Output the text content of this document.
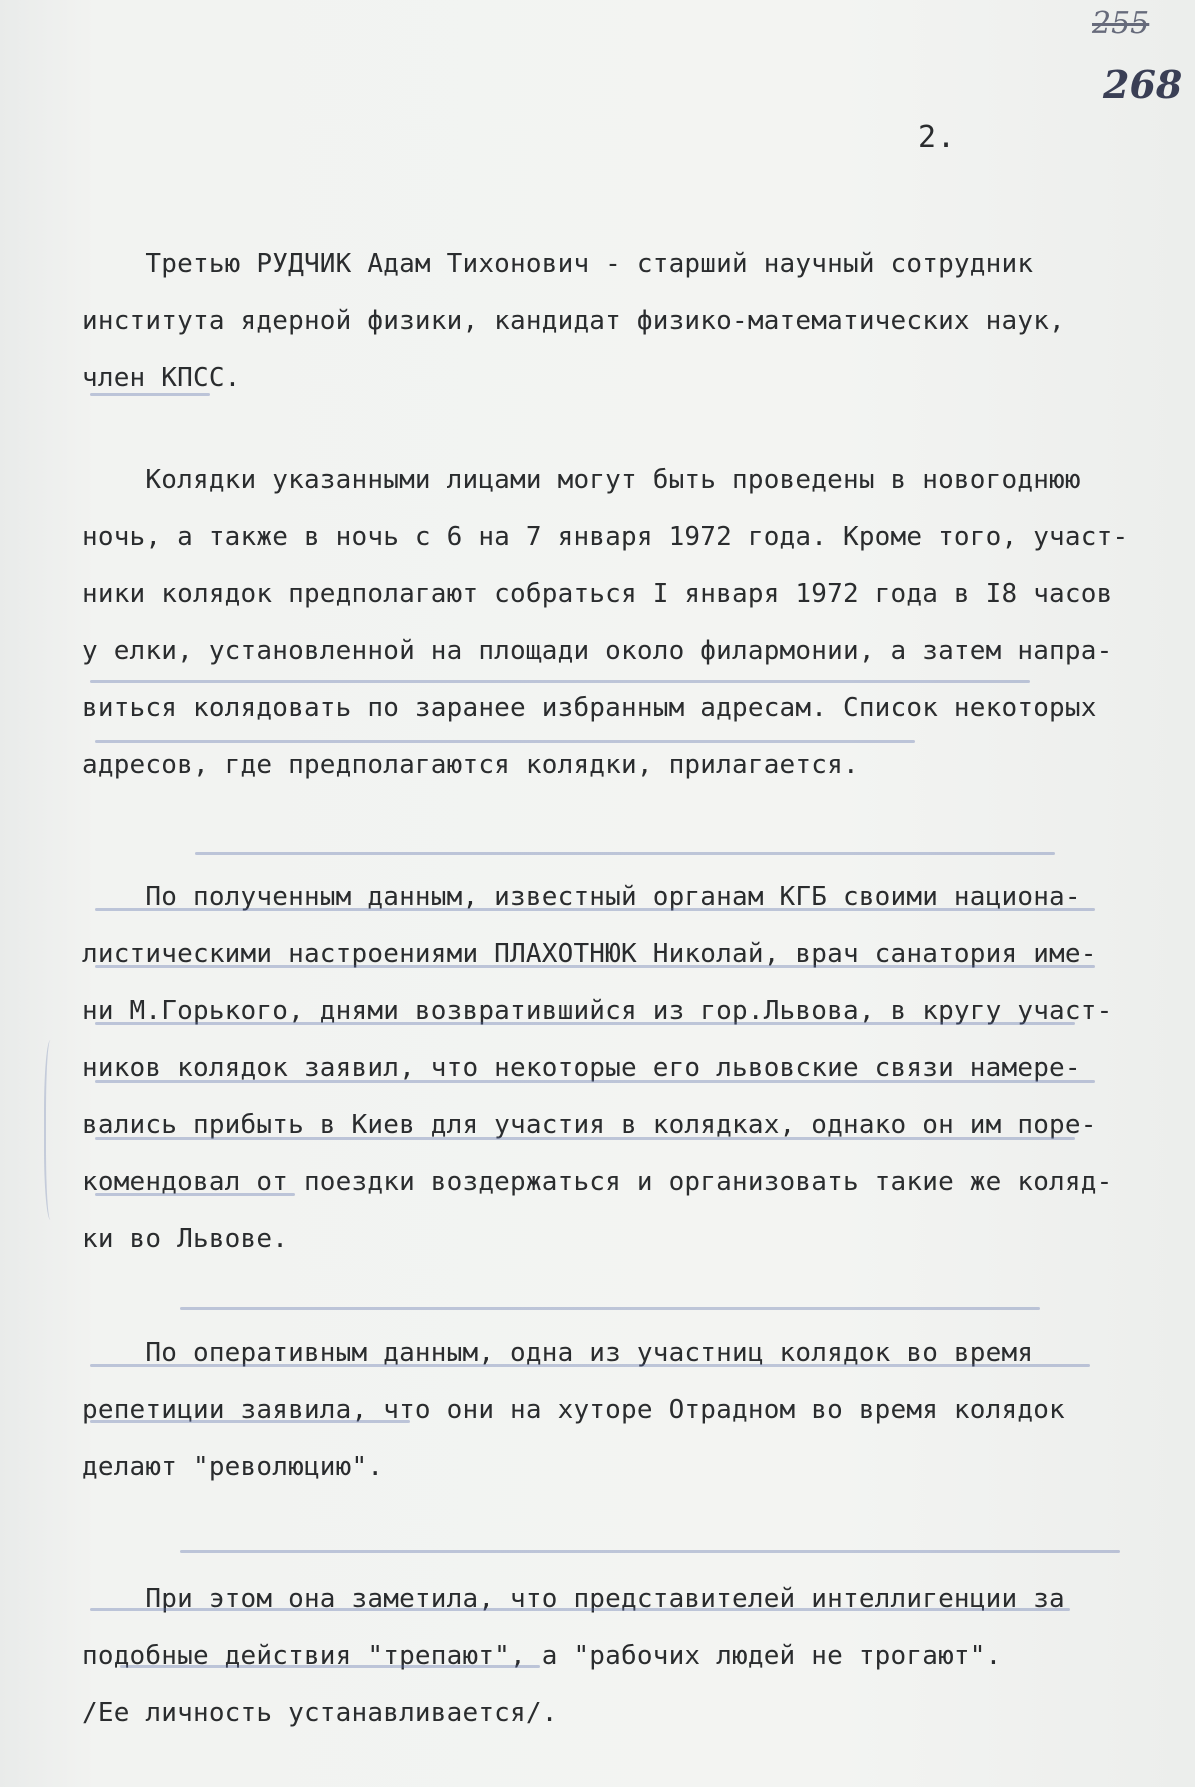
255
268
2.
Третью РУДЧИК Адам Тихонович - старший научный сотрудник
института ядерной физики, кандидат физико-математических наук,
член КПСС.
Колядки указанными лицами могут быть проведены в новогоднюю
ночь, а также в ночь с 6 на 7 января 1972 года. Кроме того, участ-
ники колядок предполагают собраться I января 1972 года в I8 часов
у елки, установленной на площади около филармонии, а затем напра-
виться колядовать по заранее избранным адресам. Список некоторых
адресов, где предполагаются колядки, прилагается.
По полученным данным, известный органам КГБ своими национа-
листическими настроениями ПЛАХОТНЮК Николай, врач санатория име-
ни М.Горького, днями возвратившийся из гор.Львова, в кругу участ-
ников колядок заявил, что некоторые его львовские связи намере-
вались прибыть в Киев для участия в колядках, однако он им поре-
комендовал от поездки воздержаться и организовать такие же коляд-
ки во Львове.
По оперативным данным, одна из участниц колядок во время
репетиции заявила, что они на хуторе Отрадном во время колядок
делают "революцию".
При этом она заметила, что представителей интеллигенции за
подобные действия "трепают", а "рабочих людей не трогают".
/Ее личность устанавливается/.
